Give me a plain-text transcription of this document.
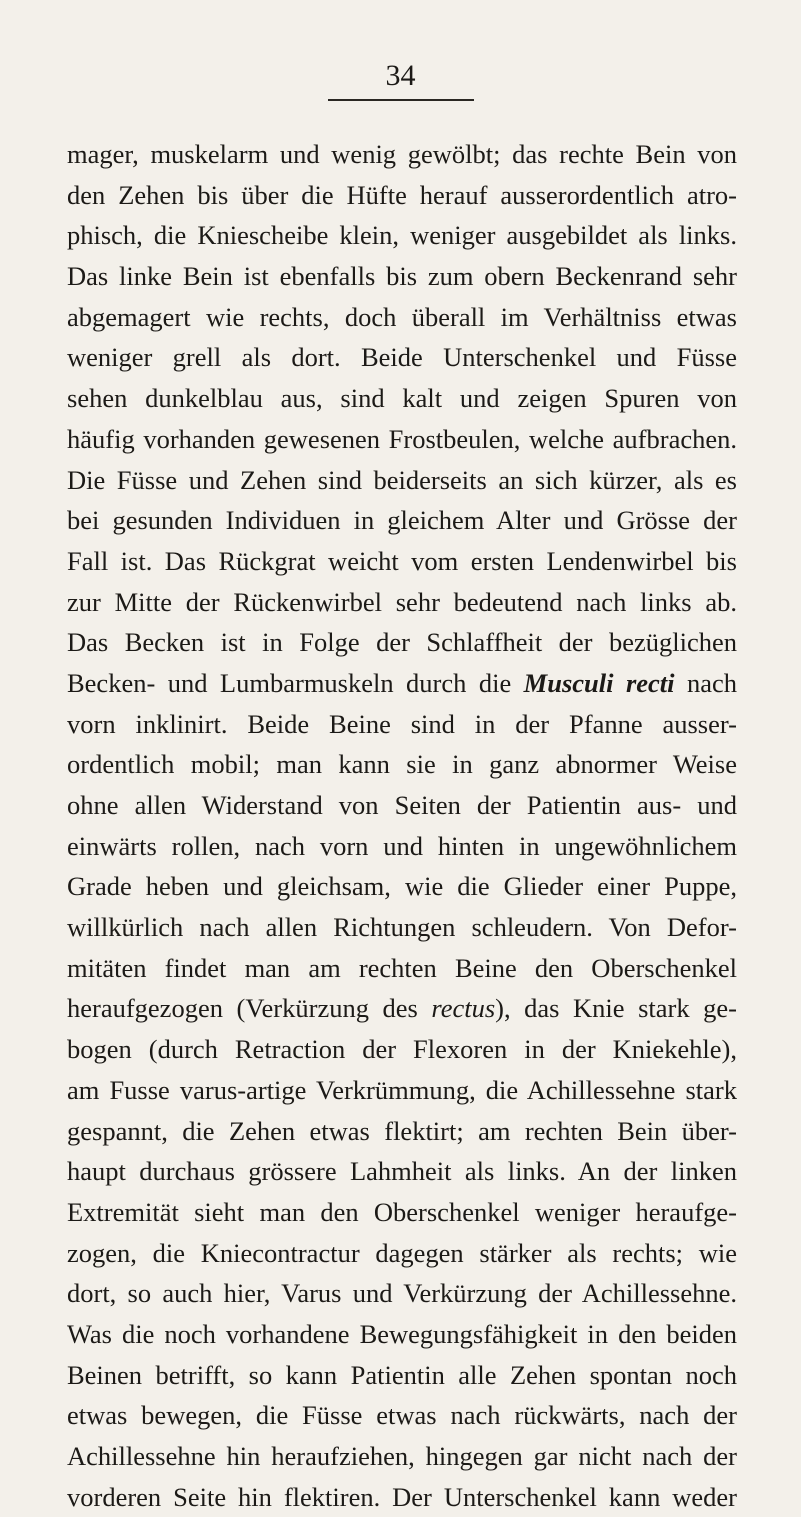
34
mager, muskelarm und wenig gewölbt; das rechte Bein von
den Zehen bis über die Hüfte herauf ausserordentlich atro-
phisch, die Kniescheibe klein, weniger ausgebildet als links.
Das linke Bein ist ebenfalls bis zum obern Beckenrand sehr
abgemagert wie rechts, doch überall im Verhältniss etwas
weniger grell als dort. Beide Unterschenkel und Füsse
sehen dunkelblau aus, sind kalt und zeigen Spuren von
häufig vorhanden gewesenen Frostbeulen, welche aufbrachen.
Die Füsse und Zehen sind beiderseits an sich kürzer, als es
bei gesunden Individuen in gleichem Alter und Grösse der
Fall ist. Das Rückgrat weicht vom ersten Lendenwirbel bis
zur Mitte der Rückenwirbel sehr bedeutend nach links ab.
Das Becken ist in Folge der Schlaffheit der bezüglichen
Becken- und Lumbarmuskeln durch die Musculi recti nach
vorn inklinirt. Beide Beine sind in der Pfanne ausser-
ordentlich mobil; man kann sie in ganz abnormer Weise
ohne allen Widerstand von Seiten der Patientin aus- und
einwärts rollen, nach vorn und hinten in ungewöhnlichem
Grade heben und gleichsam, wie die Glieder einer Puppe,
willkürlich nach allen Richtungen schleudern. Von Defor-
mitäten findet man am rechten Beine den Oberschenkel
heraufgezogen (Verkürzung des rectus), das Knie stark ge-
bogen (durch Retraction der Flexoren in der Kniekehle),
am Fusse varus-artige Verkrümmung, die Achillessehne stark
gespannt, die Zehen etwas flektirt; am rechten Bein über-
haupt durchaus grössere Lahmheit als links. An der linken
Extremität sieht man den Oberschenkel weniger heraufge-
zogen, die Kniecontractur dagegen stärker als rechts; wie
dort, so auch hier, Varus und Verkürzung der Achillessehne.
Was die noch vorhandene Bewegungsfähigkeit in den beiden
Beinen betrifft, so kann Patientin alle Zehen spontan noch
etwas bewegen, die Füsse etwas nach rückwärts, nach der
Achillessehne hin heraufziehen, hingegen gar nicht nach der
vorderen Seite hin flektiren. Der Unterschenkel kann weder
